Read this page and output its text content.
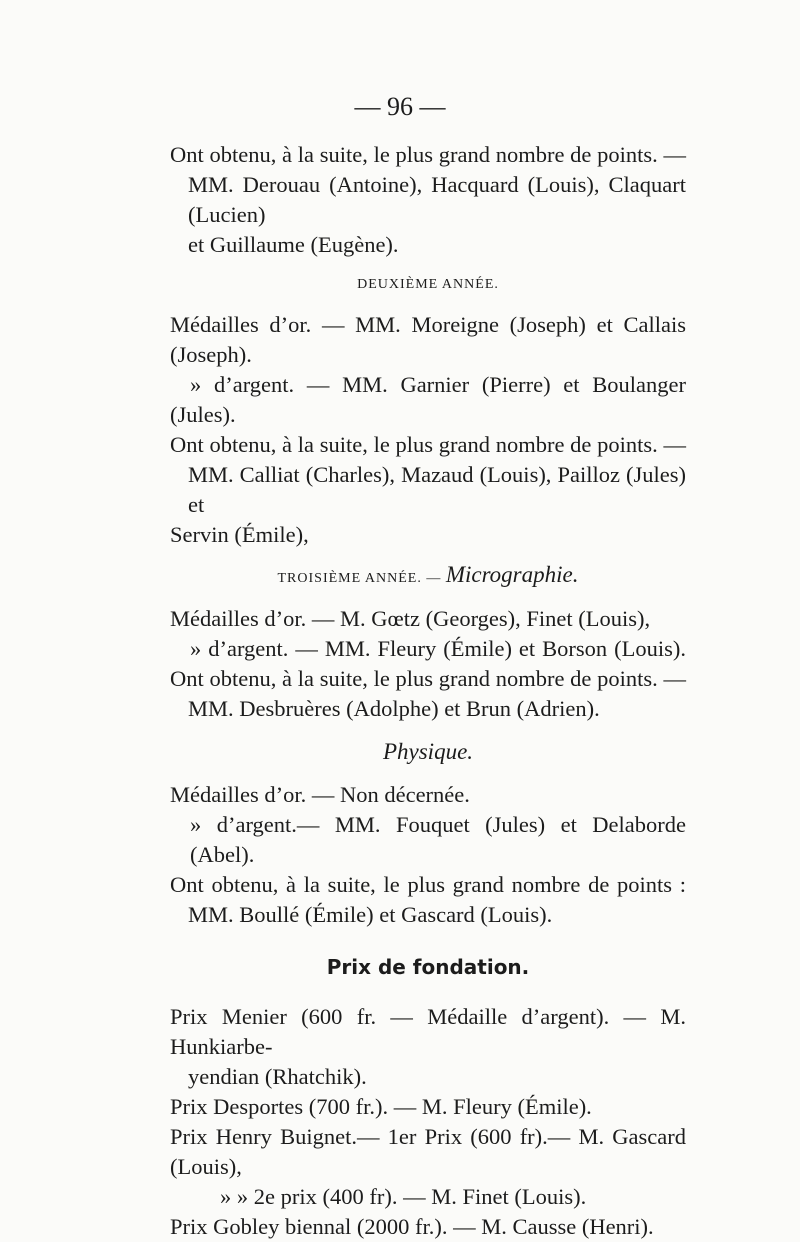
— 96 —

Ont obtenu, à la suite, le plus grand nombre de points. —

MM. Derouau (Antoine), Hacquard (Louis), Claquart (Lucien)

et Guillaume (Eugène).

DEUXIÈME ANNÉE.

Médailles d’or. — MM. Moreigne (Joseph) et Callais (Joseph).

» d’argent. — MM. Garnier (Pierre) et Boulanger

(Jules).

Ont obtenu, à la suite, le plus grand nombre de points. —

MM. Calliat (Charles), Mazaud (Louis), Pailloz (Jules) et

Servin (Émile),

TROISIÈME ANNÉE. — Micrographie.

Médailles d’or. — M. Gœtz (Georges), Finet (Louis),

» d’argent. — MM. Fleury (Émile) et Borson (Louis).

Ont obtenu, à la suite, le plus grand nombre de points. —

MM. Desbruères (Adolphe) et Brun (Adrien).

Physique.

Médailles d’or. — Non décernée.

» d’argent.— MM. Fouquet (Jules) et Delaborde (Abel).

Ont obtenu, à la suite, le plus grand nombre de points :

MM. Boullé (Émile) et Gascard (Louis).

Prix de fondation.

Prix Menier (600 fr. — Médaille d’argent). — M. Hunkiarbe-

yendian (Rhatchik).

Prix Desportes (700 fr.). — M. Fleury (Émile).

Prix Henry Buignet.— 1er Prix (600 fr).— M. Gascard (Louis),

» » 2e prix (400 fr). — M. Finet (Louis).

Prix Gobley biennal (2000 fr.). — M. Causse (Henri).
